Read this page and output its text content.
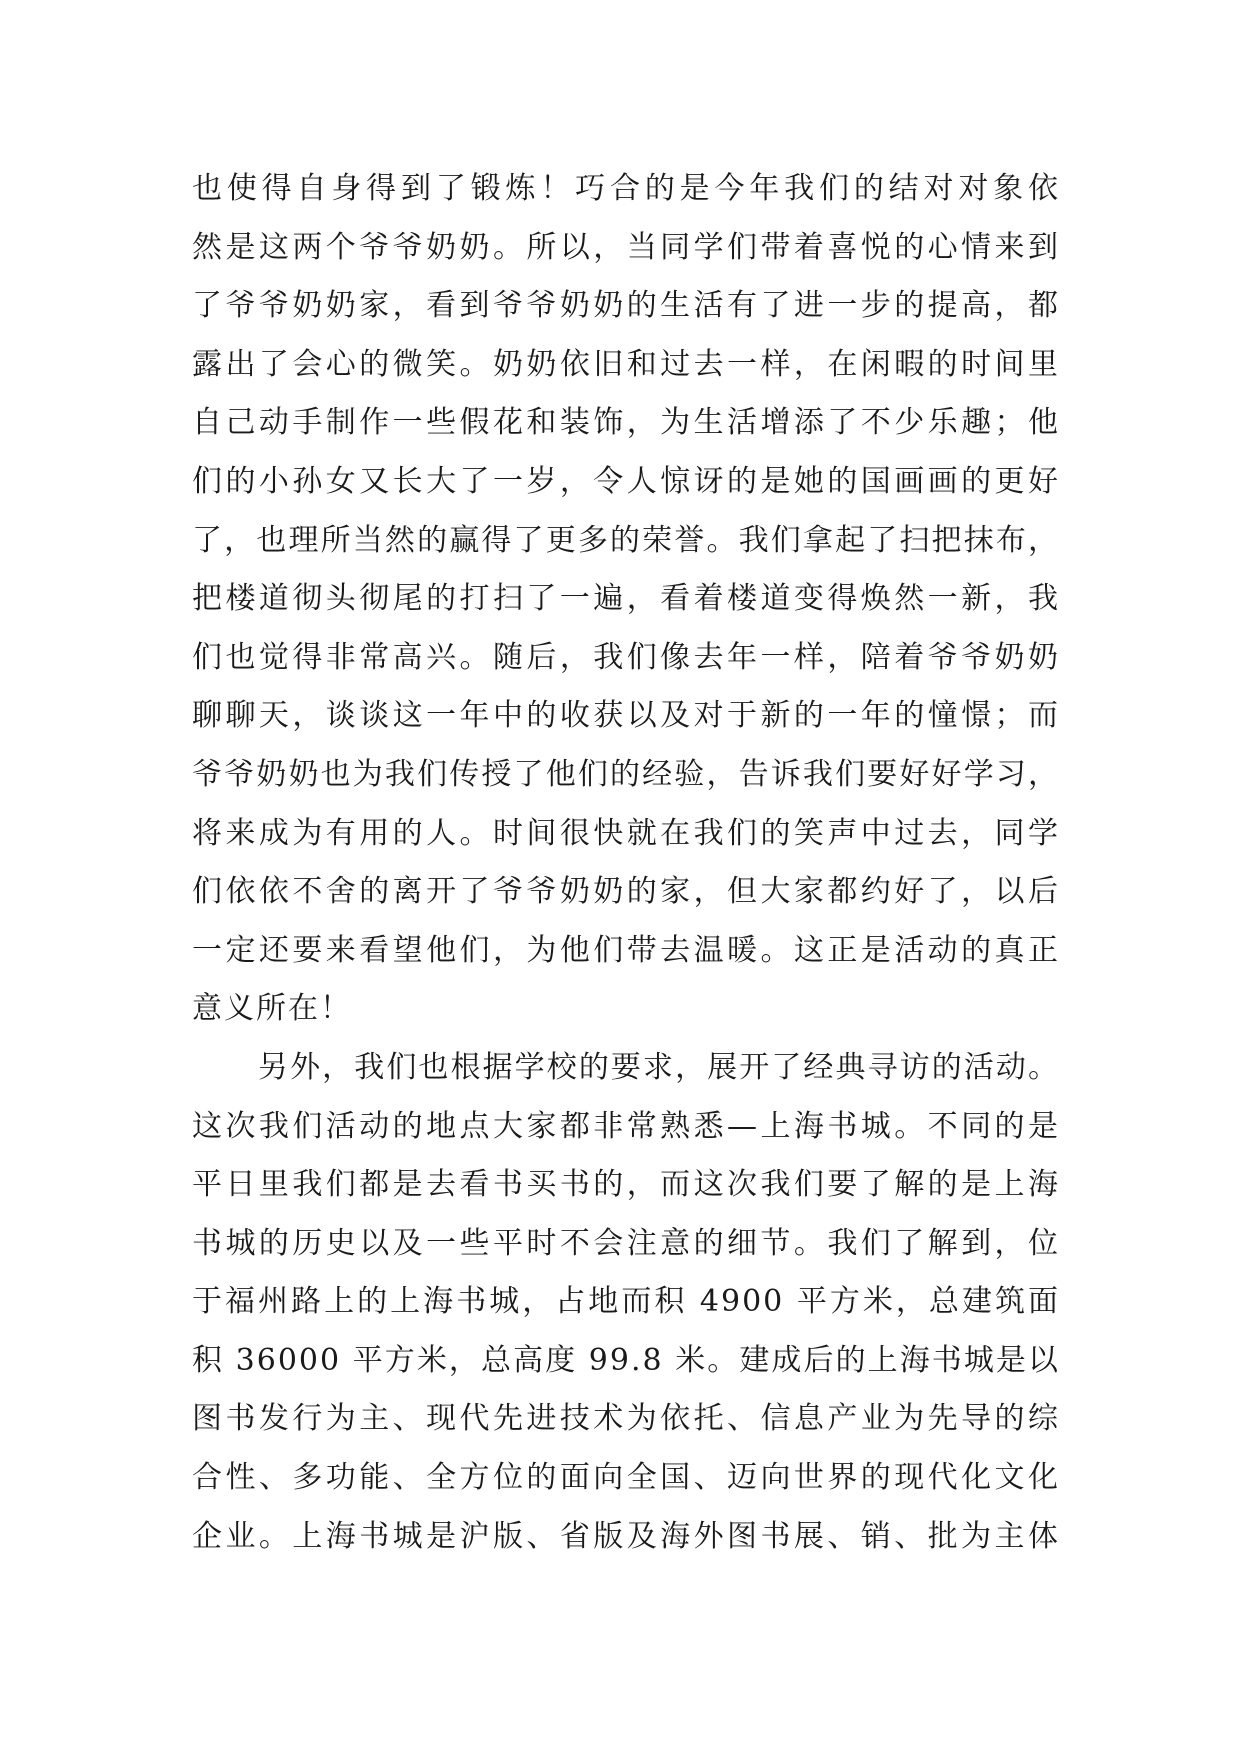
也使得自身得到了锻炼！巧合的是今年我们的结对对象依
然是这两个爷爷奶奶。所以，当同学们带着喜悦的心情来到
了爷爷奶奶家，看到爷爷奶奶的生活有了进一步的提高，都
露出了会心的微笑。奶奶依旧和过去一样，在闲暇的时间里
自己动手制作一些假花和装饰，为生活增添了不少乐趣；他
们的小孙女又长大了一岁，令人惊讶的是她的国画画的更好
了，也理所当然的赢得了更多的荣誉。我们拿起了扫把抹布，
把楼道彻头彻尾的打扫了一遍，看着楼道变得焕然一新，我
们也觉得非常高兴。随后，我们像去年一样，陪着爷爷奶奶
聊聊天，谈谈这一年中的收获以及对于新的一年的憧憬；而
爷爷奶奶也为我们传授了他们的经验，告诉我们要好好学习，
将来成为有用的人。时间很快就在我们的笑声中过去，同学
们依依不舍的离开了爷爷奶奶的家，但大家都约好了，以后
一定还要来看望他们，为他们带去温暖。这正是活动的真正
意义所在！
另外，我们也根据学校的要求，展开了经典寻访的活动。
这次我们活动的地点大家都非常熟悉—上海书城。不同的是
平日里我们都是去看书买书的，而这次我们要了解的是上海
书城的历史以及一些平时不会注意的细节。我们了解到，位
于福州路上的上海书城，占地而积 4900 平方米，总建筑面
积 36000 平方米，总高度 99.8 米。建成后的上海书城是以
图书发行为主、现代先进技术为依托、信息产业为先导的综
合性、多功能、全方位的面向全国、迈向世界的现代化文化
企业。上海书城是沪版、省版及海外图书展、销、批为主体
